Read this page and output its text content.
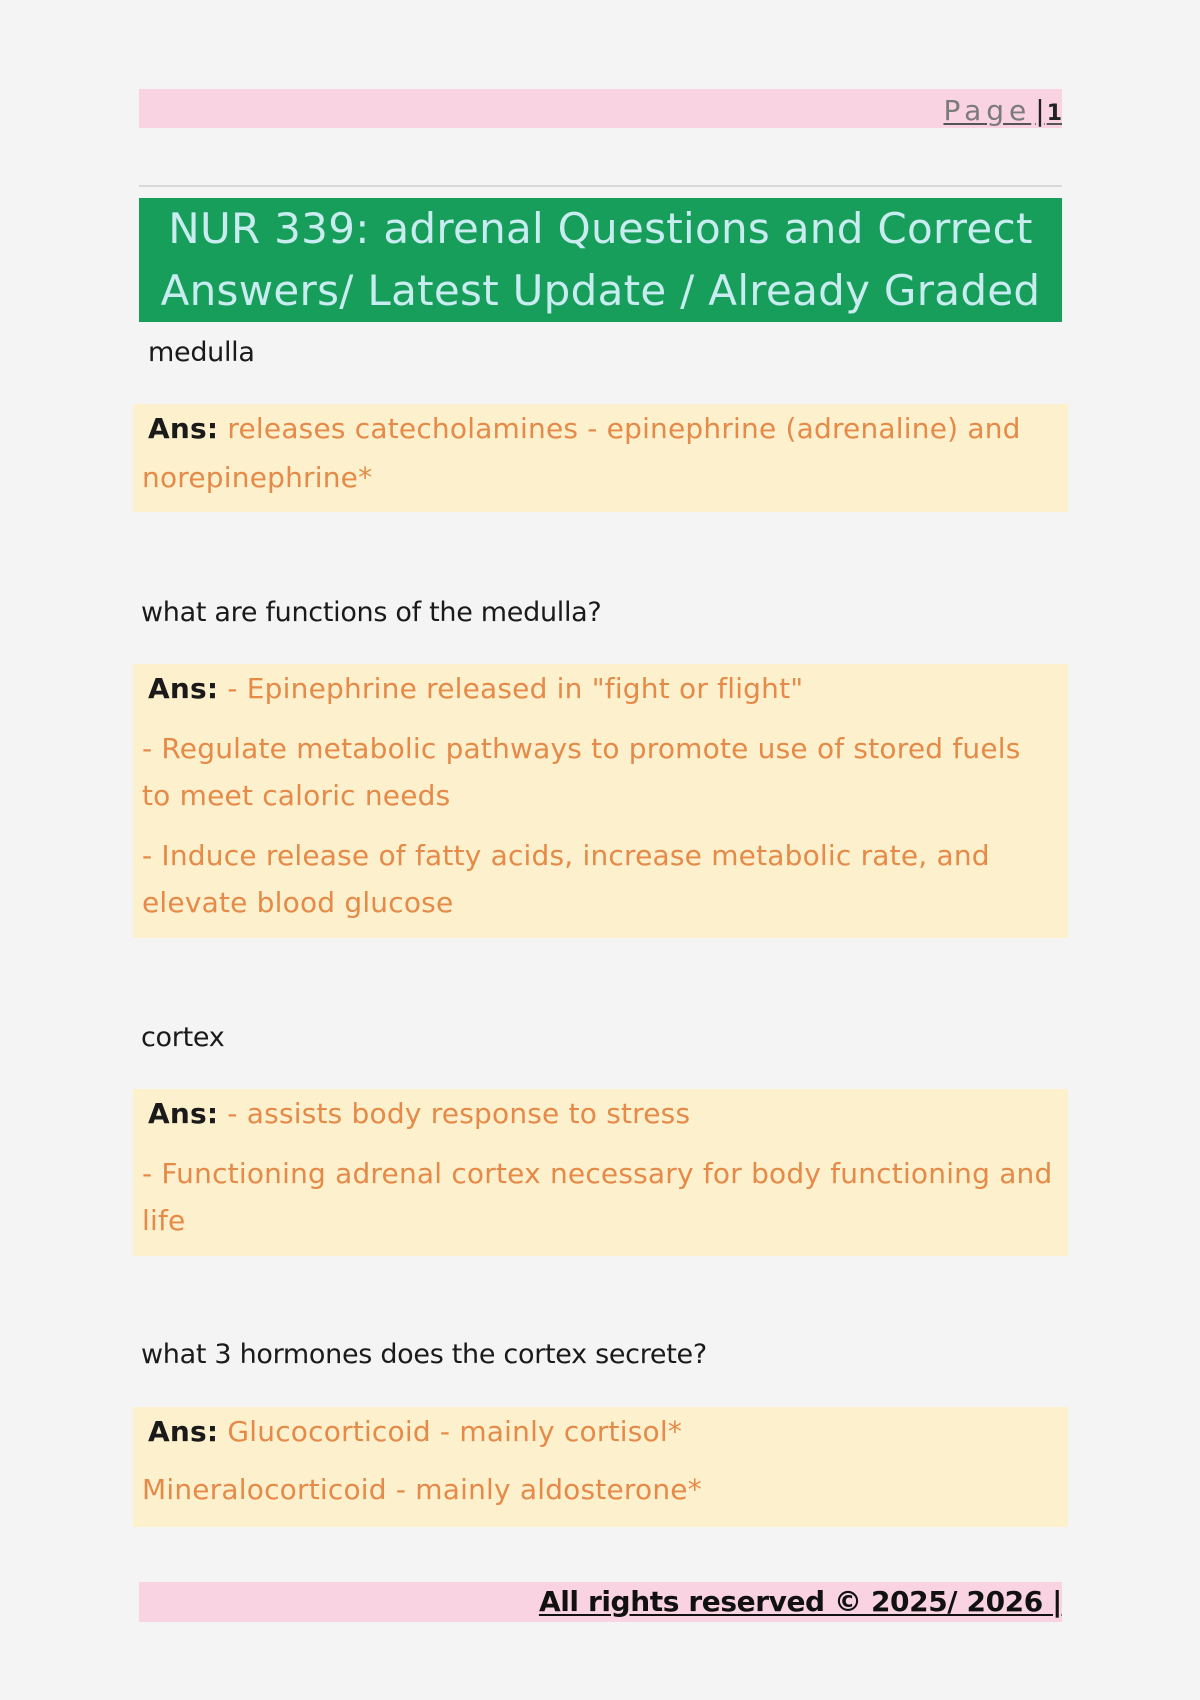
Page |1
NUR 339: adrenal Questions and Correct
Answers/ Latest Update / Already Graded
medulla
Ans: releases catecholamines - epinephrine (adrenaline) and
norepinephrine*
what are functions of the medulla?
Ans: - Epinephrine released in "fight or flight"
- Regulate metabolic pathways to promote use of stored fuels
to meet caloric needs
- Induce release of fatty acids, increase metabolic rate, and
elevate blood glucose
cortex
Ans: - assists body response to stress
- Functioning adrenal cortex necessary for body functioning and
life
what 3 hormones does the cortex secrete?
Ans: Glucocorticoid - mainly cortisol*
Mineralocorticoid - mainly aldosterone*
All rights reserved © 2025/ 2026 |
